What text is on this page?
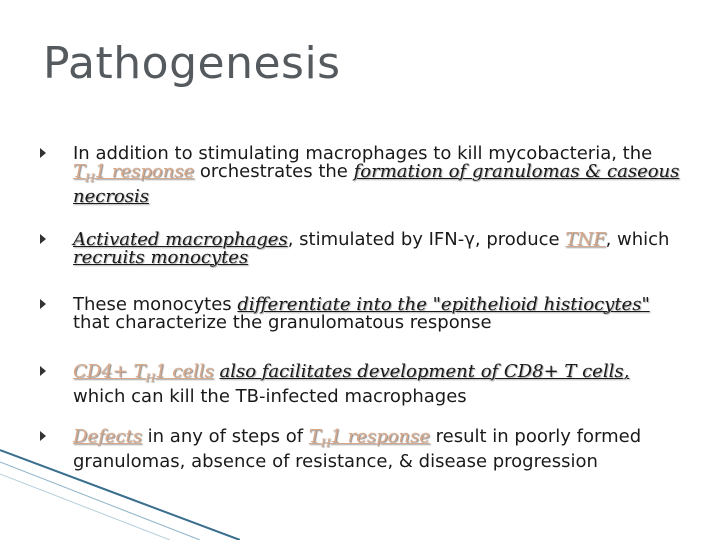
Pathogenesis
In addition to stimulating macrophages to kill mycobacteria, the $T_H1$ response orchestrates the formation of granulomas & caseous necrosis
Activated macrophages, stimulated by IFN-γ, produce TNF, which recruits monocytes
These monocytes differentiate into the "epithelioid histiocytes" that characterize the granulomatous response
$CD4+ T_H1$ cells also facilitates development of CD8+ T cells, which can kill the TB-infected macrophages
Defects in any of steps of $T_H1$ response result in poorly formed granulomas, absence of resistance, & disease progression
